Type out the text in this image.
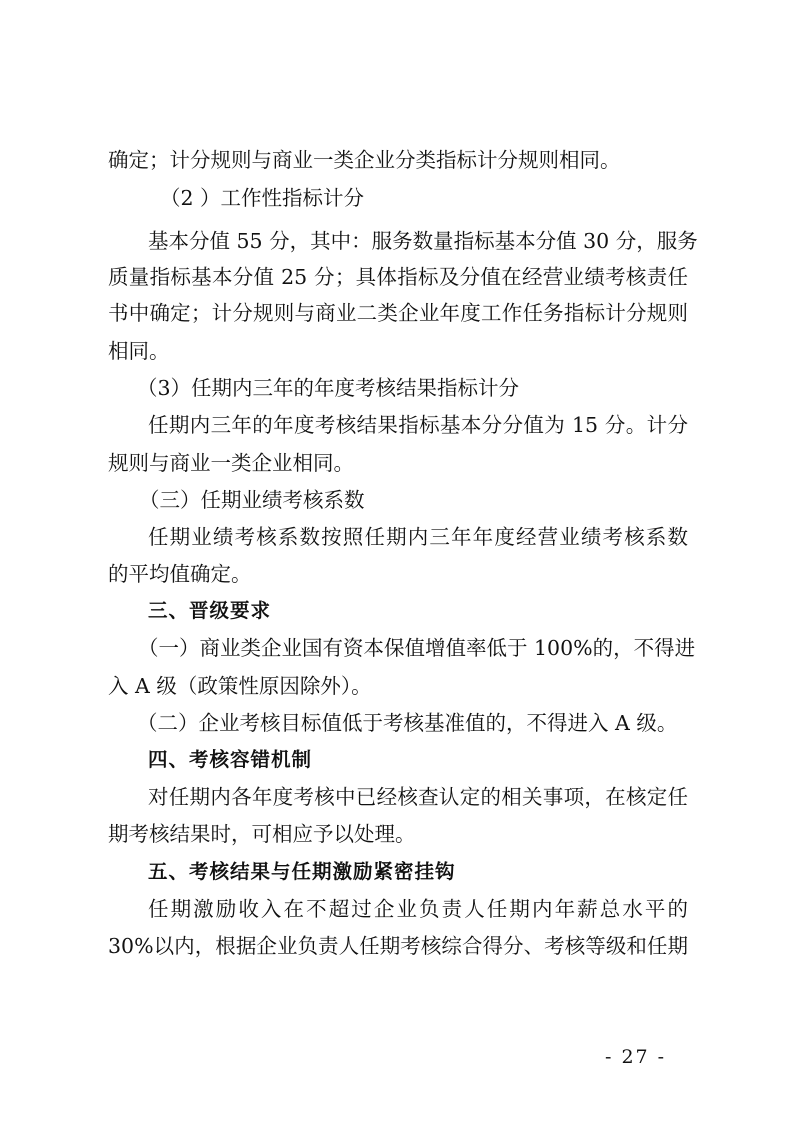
确定；计分规则与商业一类企业分类指标计分规则相同。
（2 ）工作性指标计分
基本分值 55 分，其中：服务数量指标基本分值 30 分，服务
质量指标基本分值 25 分；具体指标及分值在经营业绩考核责任
书中确定；计分规则与商业二类企业年度工作任务指标计分规则
相同。
（3）任期内三年的年度考核结果指标计分
任期内三年的年度考核结果指标基本分分值为 15 分。计分
规则与商业一类企业相同。
（三）任期业绩考核系数
任期业绩考核系数按照任期内三年年度经营业绩考核系数
的平均值确定。
三、晋级要求
（一）商业类企业国有资本保值增值率低于 100%的，不得进
入 A 级（政策性原因除外）。
（二）企业考核目标值低于考核基准值的，不得进入 A 级。
四、考核容错机制
对任期内各年度考核中已经核查认定的相关事项，在核定任
期考核结果时，可相应予以处理。
五、考核结果与任期激励紧密挂钩
任期激励收入在不超过企业负责人任期内年薪总水平的
30%以内，根据企业负责人任期考核综合得分、考核等级和任期
- 27 -
